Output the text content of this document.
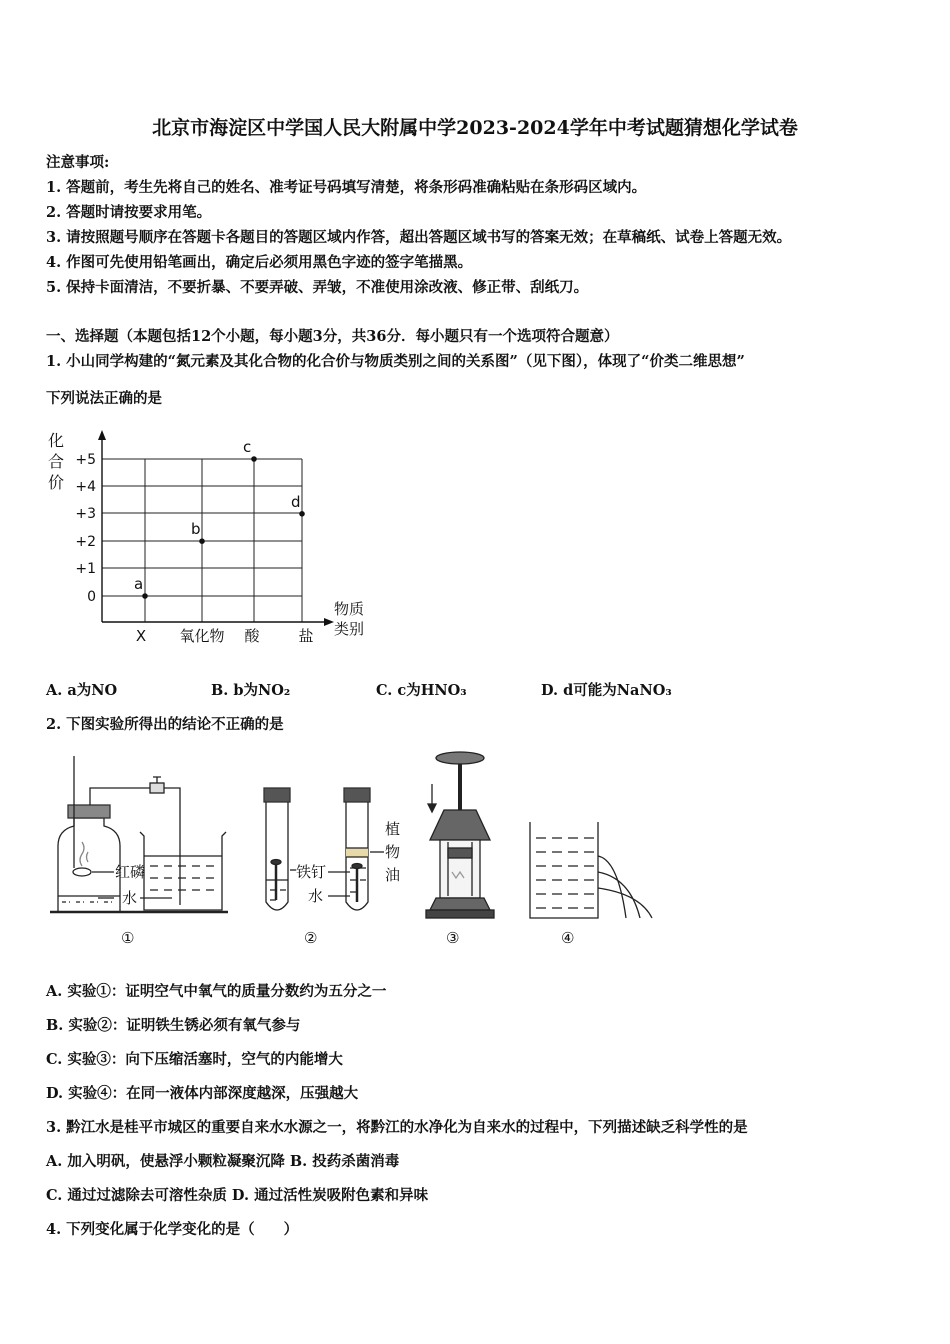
北京市海淀区中学国人民大附属中学2023-2024学年中考试题猜想化学试卷
注意事项:
1. 答题前，考生先将自己的姓名、准考证号码填写清楚，将条形码准确粘贴在条形码区域内。
2. 答题时请按要求用笔。
3. 请按照题号顺序在答题卡各题目的答题区域内作答，超出答题区域书写的答案无效；在草稿纸、试卷上答题无效。
4. 作图可先使用铅笔画出，确定后必须用黑色字迹的签字笔描黑。
5. 保持卡面清洁，不要折暴、不要弄破、弄皱，不准使用涂改液、修正带、刮纸刀。
一、选择题（本题包括12个小题，每小题3分，共36分．每小题只有一个选项符合题意）
1. 小山同学构建的“氮元素及其化合物的化合价与物质类别之间的关系图”（见下图），体现了“价类二维思想”
下列说法正确的是
化
合
价
物质
类别
+5
+4
+3
+2
+1
0
X 氧化物 酸	盐
a
b
c
d
A. a为NO	B. b为NO₂	C. c为HNO₃	D. d可能为NaNO₃
2. 下图实验所得出的结论不正确的是
红磷
水
铁钉
水
植
物
油
①	②	③	④
A. 实验①：证明空气中氧气的质量分数约为五分之一
B. 实验②：证明铁生锈必须有氧气参与
C. 实验③：向下压缩活塞时，空气的内能增大
D. 实验④：在同一液体内部深度越深，压强越大
3. 黔江水是桂平市城区的重要自来水水源之一，将黔江的水净化为自来水的过程中，下列描述缺乏科学性的是
A. 加入明矾，使悬浮小颗粒凝聚沉降 B. 投药杀菌消毒
C. 通过过滤除去可溶性杂质 D. 通过活性炭吸附色素和异味
4. 下列变化属于化学变化的是（　　）
